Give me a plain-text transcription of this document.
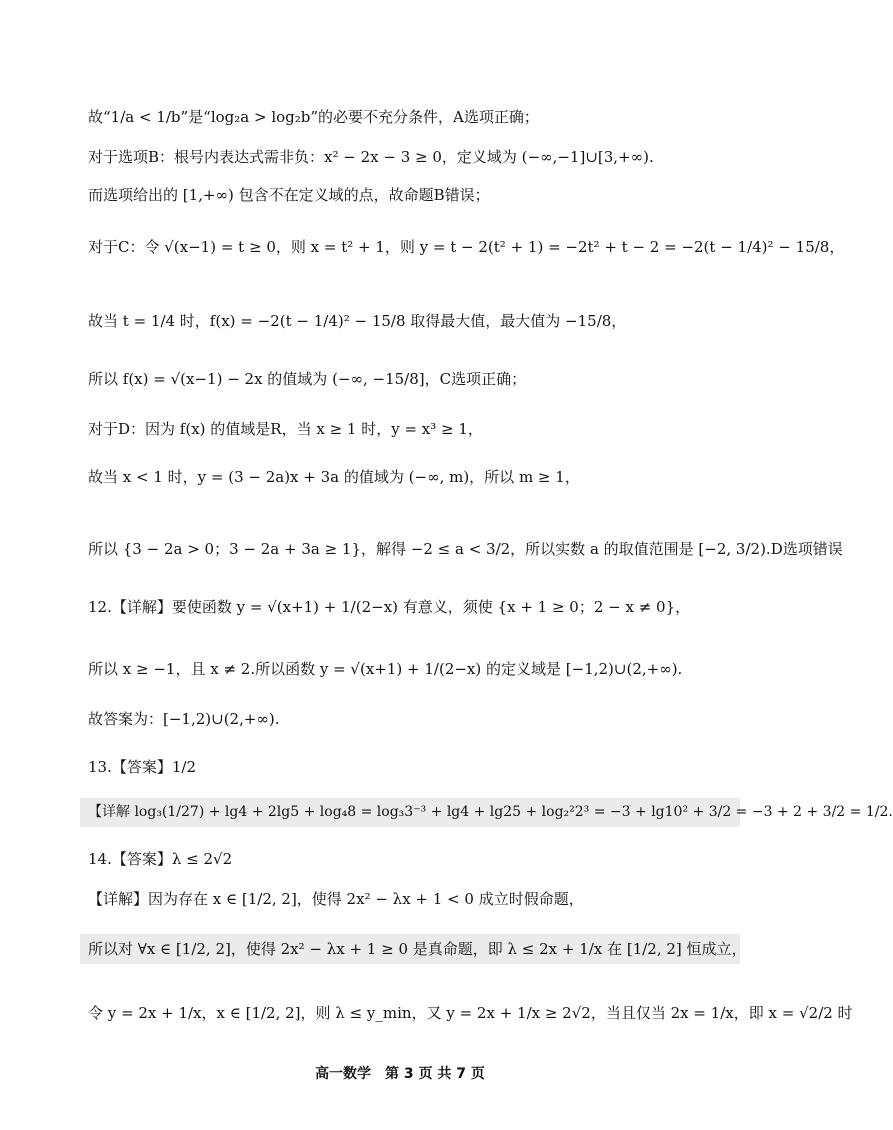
故“1/a < 1/b”是“log₂a > log₂b”的必要不充分条件，A选项正确；
对于选项B：根号内表达式需非负：x² − 2x − 3 ≥ 0，定义域为 (−∞,−1]∪[3,+∞).
而选项给出的 [1,+∞) 包含不在定义域的点，故命题B错误；
对于C：令 √(x−1) = t ≥ 0，则 x = t² + 1，则 y = t − 2(t² + 1) = −2t² + t − 2 = −2(t − 1/4)² − 15/8，
故当 t = 1/4 时，f(x) = −2(t − 1/4)² − 15/8 取得最大值，最大值为 −15/8，
所以 f(x) = √(x−1) − 2x 的值域为 (−∞, −15/8]，C选项正确；
对于D：因为 f(x) 的值域是R，当 x ≥ 1 时，y = x³ ≥ 1，
故当 x < 1 时，y = (3 − 2a)x + 3a 的值域为 (−∞, m)，所以 m ≥ 1，
所以 {3 − 2a > 0；3 − 2a + 3a ≥ 1}，解得 −2 ≤ a < 3/2，所以实数 a 的取值范围是 [−2, 3/2).D选项错误
12.【详解】要使函数 y = √(x+1) + 1/(2−x) 有意义，须使 {x + 1 ≥ 0；2 − x ≠ 0}，
所以 x ≥ −1，且 x ≠ 2.所以函数 y = √(x+1) + 1/(2−x) 的定义域是 [−1,2)∪(2,+∞).
故答案为：[−1,2)∪(2,+∞).
13.【答案】1/2
【详解 log₃(1/27) + lg4 + 2lg5 + log₄8 = log₃3⁻³ + lg4 + lg25 + log₂²2³ = −3 + lg10² + 3/2 = −3 + 2 + 3/2 = 1/2.
14.【答案】λ ≤ 2√2
【详解】因为存在 x ∈ [1/2, 2]，使得 2x² − λx + 1 < 0 成立时假命题，
所以对 ∀x ∈ [1/2, 2]，使得 2x² − λx + 1 ≥ 0 是真命题，即 λ ≤ 2x + 1/x 在 [1/2, 2] 恒成立，
令 y = 2x + 1/x，x ∈ [1/2, 2]，则 λ ≤ y_min，又 y = 2x + 1/x ≥ 2√2，当且仅当 2x = 1/x，即 x = √2/2 时
高一数学　第 3 页 共 7 页
